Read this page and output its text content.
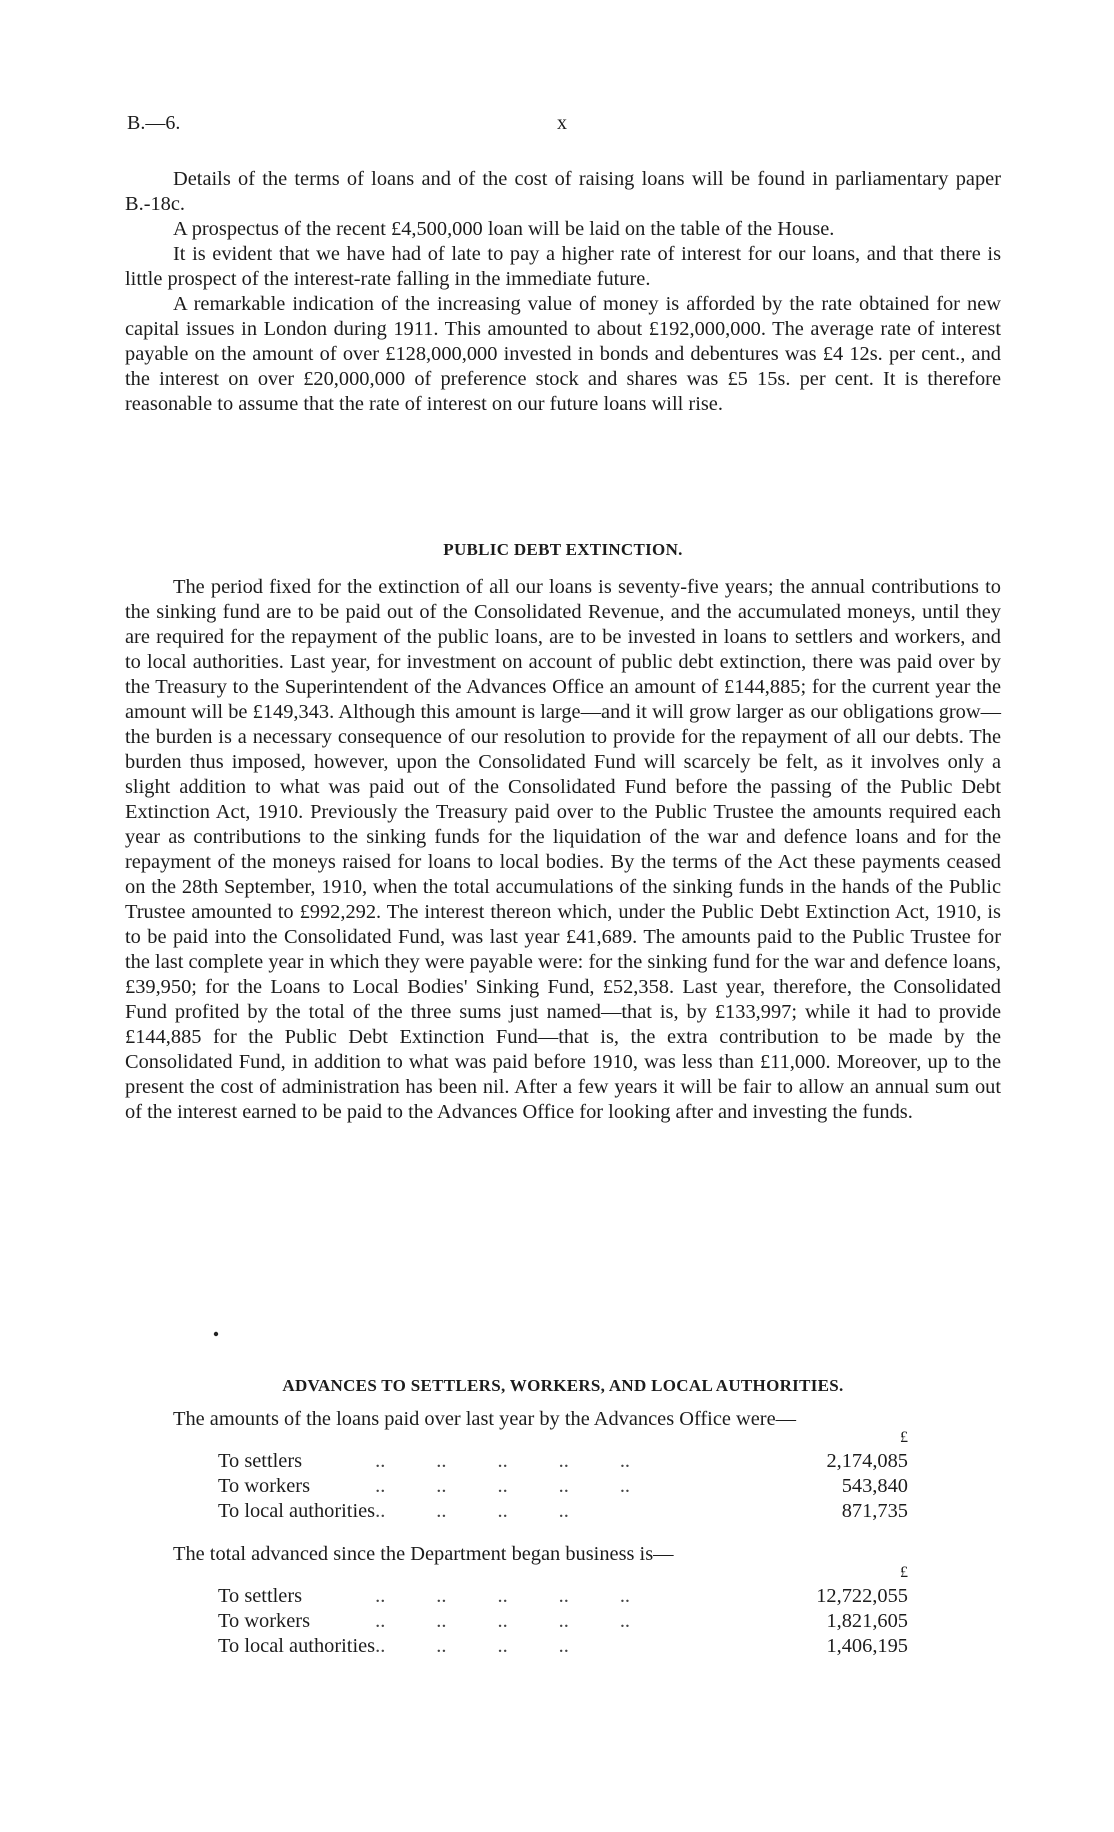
B.—6.	x

Details of the terms of loans and of the cost of raising loans will be found in parliamentary paper B.-18c.

A prospectus of the recent £4,500,000 loan will be laid on the table of the House.

It is evident that we have had of late to pay a higher rate of interest for our loans, and that there is little prospect of the interest-rate falling in the immediate future.

A remarkable indication of the increasing value of money is afforded by the rate obtained for new capital issues in London during 1911. This amounted to about £192,000,000. The average rate of interest payable on the amount of over £128,000,000 invested in bonds and debentures was £4 12s. per cent., and the interest on over £20,000,000 of preference stock and shares was £5 15s. per cent. It is therefore reasonable to assume that the rate of interest on our future loans will rise.

PUBLIC DEBT EXTINCTION.

The period fixed for the extinction of all our loans is seventy-five years; the annual contributions to the sinking fund are to be paid out of the Consolidated Revenue, and the accumulated moneys, until they are required for the repayment of the public loans, are to be invested in loans to settlers and workers, and to local authorities. Last year, for investment on account of public debt extinction, there was paid over by the Treasury to the Superintendent of the Advances Office an amount of £144,885; for the current year the amount will be £149,343. Although this amount is large—and it will grow larger as our obligations grow—the burden is a necessary consequence of our resolution to provide for the repayment of all our debts. The burden thus imposed, however, upon the Consolidated Fund will scarcely be felt, as it involves only a slight addition to what was paid out of the Consolidated Fund before the passing of the Public Debt Extinction Act, 1910. Previously the Treasury paid over to the Public Trustee the amounts required each year as contributions to the sinking funds for the liquidation of the war and defence loans and for the repayment of the moneys raised for loans to local bodies. By the terms of the Act these payments ceased on the 28th September, 1910, when the total accumulations of the sinking funds in the hands of the Public Trustee amounted to £992,292. The interest thereon which, under the Public Debt Extinction Act, 1910, is to be paid into the Consolidated Fund, was last year £41,689. The amounts paid to the Public Trustee for the last complete year in which they were payable were: for the sinking fund for the war and defence loans, £39,950; for the Loans to Local Bodies' Sinking Fund, £52,358. Last year, therefore, the Consolidated Fund profited by the total of the three sums just named—that is, by £133,997; while it had to provide £144,885 for the Public Debt Extinction Fund—that is, the extra contribution to be made by the Consolidated Fund, in addition to what was paid before 1910, was less than £11,000. Moreover, up to the present the cost of administration has been nil. After a few years it will be fair to allow an annual sum out of the interest earned to be paid to the Advances Office for looking after and investing the funds.

ADVANCES TO SETTLERS, WORKERS, AND LOCAL AUTHORITIES.

The amounts of the loans paid over last year by the Advances Office were—

		£
To settlers	..          ..          ..          ..          ..	2,174,085
To workers	..          ..          ..          ..          ..	543,840
To local authorities	..          ..          ..          ..	871,735

The total advanced since the Department began business is—

		£
To settlers	..          ..          ..          ..          ..	12,722,055
To workers	..          ..          ..          ..          ..	1,821,605
To local authorities	..          ..          ..          ..	1,406,195
